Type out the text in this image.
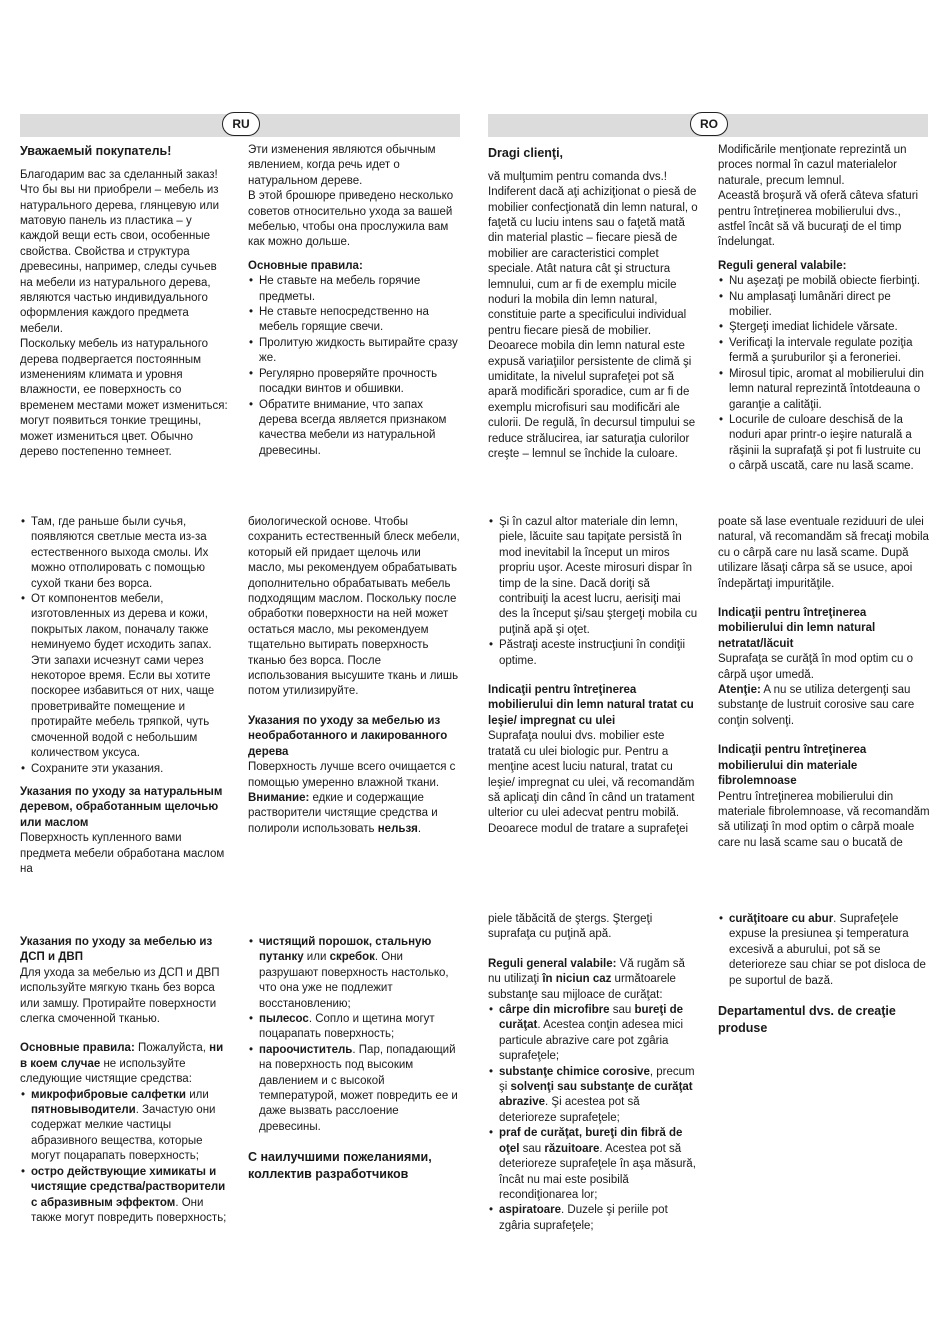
RU	RO

Уважаемый покупатель!

Благодарим вас за сделанный заказ! Что бы вы ни приобрели – мебель из натурального дерева, глянцевую или матовую панель из пластика – у каждой вещи есть свои, особенные свойства. Свойства и структура древесины, например, следы сучьев на мебели из натурального дерева, являются частью индивидуального оформления каждого предмета мебели.

Поскольку мебель из натурального дерева подвергается постоянным изменениям климата и уровня влажности, ее поверхность со временем местами может измениться: могут появиться тонкие трещины, может измениться цвет. Обычно дерево постепенно темнеет.

Эти изменения являются обычным явлением, когда речь идет о натуральном дереве.

В этой брошюре приведено несколько советов относительно ухода за вашей мебелью, чтобы она прослужила вам как можно дольше.

Основные правила:

• Не ставьте на мебель горячие предметы.
• Не ставьте непосредственно на мебель горящие свечи.
• Пролитую жидкость вытирайте сразу же.
• Регулярно проверяйте прочность посадки винтов и обшивки.
• Обратите внимание, что запах дерева всегда является признаком качества мебели из натуральной древесины.

Dragi clienţi,

vă mulţumim pentru comanda dvs.! Indiferent dacă aţi achiziţionat o piesă de mobilier confecţionată din lemn natural, o faţetă cu luciu intens sau o faţetă mată din material plastic – fiecare piesă de mobilier are caracteristici complet speciale. Atât natura cât şi structura lemnului, cum ar fi de exemplu micile noduri la mobila din lemn natural, constituie parte a specificului individual pentru fiecare piesă de mobilier.

Deoarece mobila din lemn natural este expusă variaţiilor persistente de climă şi umiditate, la nivelul suprafeţei pot să apară modificări sporadice, cum ar fi de exemplu microfisuri sau modificări ale culorii. De regulă, în decursul timpului se reduce strălucirea, iar saturaţia culorilor creşte – lemnul se închide la culoare.

Modificările menţionate reprezintă un proces normal în cazul materialelor naturale, precum lemnul.

Această broşură vă oferă câteva sfaturi pentru întreţinerea mobilierului dvs., astfel încât să vă bucuraţi de el timp îndelungat.

Reguli general valabile:

• Nu aşezaţi pe mobilă obiecte fierbinţi.
• Nu amplasaţi lumânări direct pe mobilier.
• Ştergeţi imediat lichidele vărsate.
• Verificaţi la intervale regulate poziţia fermă a şuruburilor şi a feroneriei.
• Mirosul tipic, aromat al mobilierului din lemn natural reprezintă întotdeauna o garanţie a calităţii.
• Locurile de culoare deschisă de la noduri apar printr-o ieşire naturală a răşinii la suprafaţă şi pot fi lustruite cu o cârpă uscată, care nu lasă scame.
• Там, где раньше были сучья, появляются светлые места из-за естественного выхода смолы. Их можно отполировать с помощью сухой ткани без ворса.
• От компонентов мебели, изготовленных из дерева и кожи, покрытых лаком, поначалу также неминуемо будет исходить запах. Эти запахи исчезнут сами через некоторое время. Если вы хотите поскорее избавиться от них, чаще проветривайте помещение и протирайте мебель тряпкой, чуть смоченной водой с небольшим количеством уксуса.
• Сохраните эти указания.

Указания по уходу за натуральным деревом, обработанным щелочью или маслом

Поверхность купленного вами предмета мебели обработана маслом на

биологической основе. Чтобы сохранить естественный блеск мебели, который ей придает щелочь или масло, мы рекомендуем обрабатывать дополнительно обрабатывать мебель подходящим маслом. Поскольку после обработки поверхности на ней может остаться масло, мы рекомендуем тщательно вытирать поверхность тканью без ворса. После использования высушите ткань и лишь потом утилизируйте.

Указания по уходу за мебелью из необработанного и лакированного дерева

Поверхность лучше всего очищается с помощью умеренно влажной ткани.

Внимание: едкие и содержащие растворители чистящие средства и полироли использовать нельзя.

• Şi în cazul altor materiale din lemn, piele, lăcuite sau tapiţate persistă în mod inevitabil la început un miros propriu uşor. Aceste mirosuri dispar în timp de la sine. Dacă doriţi să contribuiţi la acest lucru, aerisiţi mai des la început şi/sau ştergeţi mobila cu puţină apă şi oţet.
• Păstraţi aceste instrucţiuni în condiţii optime.

Indicaţii pentru întreţinerea mobilierului din lemn natural tratat cu leşie/ impregnat cu ulei

Suprafaţa noului dvs. mobilier este tratată cu ulei biologic pur. Pentru a menţine acest luciu natural, tratat cu leşie/ impregnat cu ulei, vă recomandăm să aplicaţi din când în când un tratament ulterior cu ulei adecvat pentru mobilă. Deoarece modul de tratare a suprafeţei

poate să lase eventuale reziduuri de ulei natural, vă recomandăm să frecaţi mobila cu o cârpă care nu lasă scame. După utilizare lăsaţi cârpa să se usuce, apoi îndepărtaţi impurităţile.

Indicaţii pentru întreţinerea mobilierului din lemn natural netratat/lăcuit

Suprafaţa se curăţă în mod optim cu o cârpă uşor umedă.

Atenţie: A nu se utiliza detergenţi sau substanţe de lustruit corosive sau care conţin solvenţi.

Indicaţii pentru întreţinerea mobilierului din materiale fibrolemnoase

Pentru întreţinerea mobilierului din materiale fibrolemnoase, vă recomandăm să utilizaţi în mod optim o cârpă moale care nu lasă scame sau o bucată de

Указания по уходу за мебелью из ДСП и ДВП

Для ухода за мебелью из ДСП и ДВП используйте мягкую ткань без ворса или замшу. Протирайте поверхности слегка смоченной тканью.

Основные правила: Пожалуйста, ни в коем случае не используйте следующие чистящие средства:

• микрофибровые салфетки или пятновыводители. Зачастую они содержат мелкие частицы абразивного вещества, которые могут поцарапать поверхность;
• остро действующие химикаты и чистящие средства/растворители с абразивным эффектом. Они также могут повредить поверхность;
• чистящий порошок, стальную путанку или скребок. Они разрушают поверхность настолько, что она уже не подлежит восстановлению;
• пылесос. Сопло и щетина могут поцарапать поверхность;
• пароочиститель. Пар, попадающий на поверхность под высоким давлением и с высокой температурой, может повредить ее и даже вызвать расслоение древесины.

С наилучшими пожеланиями, коллектив разработчиков

piele tăbăcită de ştergs. Ştergeţi suprafaţa cu puţină apă.

Reguli general valabile: Vă rugăm să nu utilizaţi în niciun caz următoarele substanţe sau mijloace de curăţat:

• cârpe din microfibre sau bureţi de curăţat. Acestea conţin adesea mici particule abrazive care pot zgâria suprafeţele;
• substanţe chimice corosive, precum şi solvenţi sau substanţe de curăţat abrazive. Şi acestea pot să deterioreze suprafeţele;
• praf de curăţat, bureţi din fibră de oţel sau răzuitoare. Acestea pot să deterioreze suprafeţele în aşa măsură, încât nu mai este posibilă recondiţionarea lor;
• aspiratoare. Duzele şi periile pot zgâria suprafeţele;
• curăţitoare cu abur. Suprafeţele expuse la presiunea şi temperatura excesivă a aburului, pot să se deterioreze sau chiar se pot disloca de pe suportul de bază.

Departamentul dvs. de creaţie produse
